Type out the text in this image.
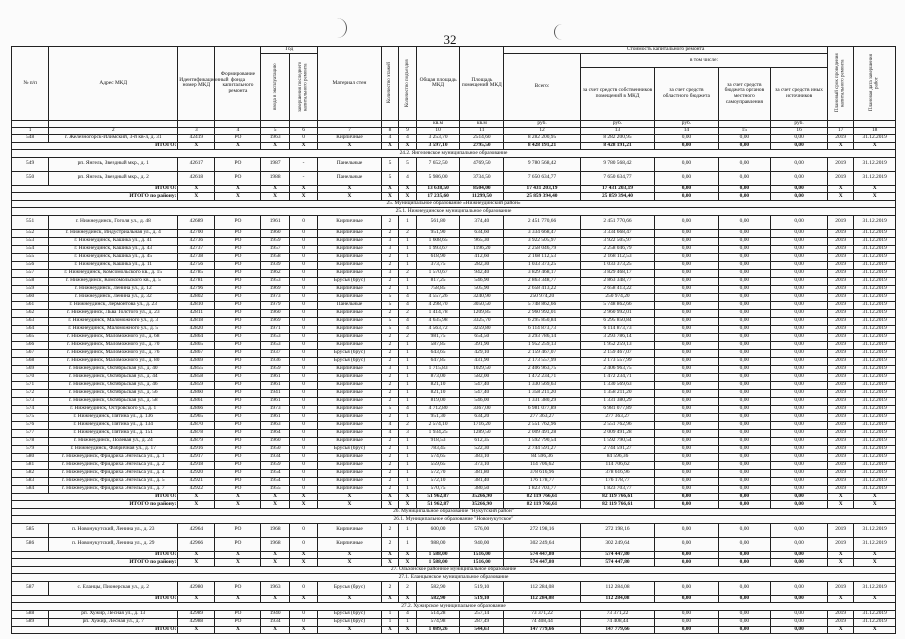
32
№ п/п	Адрес МКД	Идентификационный номер МКД	Формирование фонда капитального ремонта	Год		Материал стен	Количество этажей	Количество подъездов	Общая площадь МКД	Площадь помещений МКД	Стоимость капитального ремонта					Плановый срок проведения капитального ремонта	Плановая дата завершения работ

				ввода в эксплуатацию	завершения последнего капитального ремонта						Всего:	в том числе:					
												за счет средств собственников помещений в МКД	за счет средств областного бюджета	за счет средств бюджета органов местного самоуправления	за счет средств иных источников		
									кв.м	кв.м	руб.	руб.	руб.		руб.		
1	2	3	4	5	6	7	8	9	10	11	12	13	14	15	16	17	18
548	г. Железногорск-Илимский, 3-й кв-л, д. 31	42419	РО	1963	0	Кирпичные	4	4	3 253,70	2514,60	8 282 200,95	8 282 200,95	0,00	0,00	0,00	2019	31.12.2019
ИТОГО:		X	X	X	X	X	X	X	3 597,10	2795,50	8 428 191,21	8 428 191,21	0,00	0,00	0,00	X	X
24.2. Янгелевское муниципальное образование																	
549	рп. Янгель, Звездный мкр., д. 1	42617	РО	1987	-	Панельные	5	5	7 652,50	4769,50	9 780 568,42	9 780 568,42	0,00	0,00	0,00	2019	31.12.2019
550	рп. Янгель, Звездный мкр., д. 2	42618	РО	1988	-	Панельные	5	4	5 986,00	3734,50	7 650 634,77	7 650 634,77	0,00	0,00	0,00	2019	31.12.2019
ИТОГО:		X	X	X	X	X	X	X	13 638,50	8504,00	17 431 203,19	17 431 203,19	0,00	0,00	0,00	X	X
ИТОГО по району:		X	X	X	X	X	X	X	17 235,60	11299,50	25 859 394,40	25 859 394,40	0,00	0,00	0,00	X	X
25. Муниципальное образование «Нижнеудинский район»																	
25.1. Нижнеудинское муниципальное образование																	
551	г. Нижнеудинск, Гоголя ул., д. 48	42689	РО	1961	0	Кирпичные	2	1	561,80	374,40	2 451 770,66	2 451 770,66	0,00	0,00	0,00	2019	31.12.2019
552	г. Нижнеудинск, Индустриальная ул., д. 4	42700	РО	1960	0	Кирпичные	2	2	951,90	634,60	3 334 668,47	3 334 668,47	0,00	0,00	0,00	2019	31.12.2019
553	г. Нижнеудинск, Кашика ул., д. 41	42736	РО	1959	0	Кирпичные	3	1	1 608,65	965,30	3 922 505,97	3 922 505,97	0,00	0,00	0,00	2019	31.12.2019
554	г. Нижнеудинск, Кашика ул., д. 43	42737	РО	1957	0	Кирпичные	3	1	1 993,67	1196,20	2 258 046,79	2 258 046,79	0,00	0,00	0,00	2019	31.12.2019
555	г. Нижнеудинск, Кашика ул., д. 45	42738	РО	1958	0	Кирпичные	2	1	618,90	412,60	2 168 112,53	2 168 112,53	0,00	0,00	0,00	2019	31.12.2019
556	г. Нижнеудинск, Кашика ул., д. 11	42756	РО	1939	0	Кирпичные	2	1	373,75	282,30	1 033 373,25	1 033 373,25	0,00	0,00	0,00	2019	31.12.2019
557	г. Нижнеудинск, Комсомольского кв., д. 15	42785	РО	1962	0	Кирпичные	3	2	1 570,67	942,40	3 829 468,17	3 829 468,17	0,00	0,00	0,00	2019	31.12.2019
558	г. Нижнеудинск, Комсомольского кв., д. 5	42781	РО	1953	0	Брусья (брус)	2	1	817,25	546,90	2 863 348,77	2 863 348,77	0,00	0,00	0,00	2019	31.12.2019
559	г. Нижнеудинск, Ленина ул., д. 12	42796	РО	1969	0	Кирпичные	2	1	758,85	505,90	2 658 413,22	2 658 413,22	0,00	0,00	0,00	2019	31.12.2019
560	г. Нижнеудинск, Ленина ул., д. 32	42802	РО	1973	0	Кирпичные	5	4	4 557,26	3240,90	250 974,20	250 974,20	0,00	0,00	0,00	2019	31.12.2019
561	г. Нижнеудинск, Лермонтова ул., д. 23	42810	РО	1979	0	Панельные	5	4	4 298,70	3050,50	5 748 862,66	5 748 862,66	0,00	0,00	0,00	2019	31.12.2019
562	г. Нижнеудинск, Льва Толстого ул., д. 23	42811	РО	1960	0	Кирпичные	2	2	1 414,78	1209,85	2 960 992,01	2 960 992,01	0,00	0,00	0,00	2019	31.12.2019
563	г. Нижнеудинск, Маломожного ул., д. 3	42818	РО	1969	0	Кирпичные	5	4	4 635,98	3325,70	6 295 850,84	6 295 850,84	0,00	0,00	0,00	2019	31.12.2019
564	г. Нижнеудинск, Маломожного ул., д. 5	42820	РО	1971	0	Кирпичные	5	4	4 563,72	3259,80	6 114 873,73	6 114 873,73	0,00	0,00	0,00	2019	31.12.2019
565	г. Нижнеудинск, Маломожного ул., д. 68	42864	РО	1953	0	Кирпичные	2	2	981,75	654,50	3 293 786,14	3 293 786,14	0,00	0,00	0,00	2019	31.12.2019
566	г. Нижнеудинск, Маломожного ул., д. 70	42865	РО	1953	0	Кирпичные	2	1	587,85	391,90	1 952 259,13	1 952 259,13	0,00	0,00	0,00	2019	31.12.2019
567	г. Нижнеудинск, Маломожного ул., д. 76	42867	РО	1937	0	Брусья (брус)	2	1	643,65	429,10	2 159 467,07	2 159 467,07	0,00	0,00	0,00	2019	31.12.2019
568	г. Нижнеудинск, Маломожного ул., д. 80	42869	РО	1936	0	Брусья (брус)	2	1	647,85	431,90	2 173 557,99	2 173 557,99	0,00	0,00	0,00	2019	31.12.2019
569	г. Нижнеудинск, Октябрьская ул., д. 40	42855	РО	1959	0	Кирпичные	3	1	1 715,83	1029,50	2 406 963,75	2 406 963,75	0,00	0,00	0,00	2019	31.12.2019
570	г. Нижнеудинск, Октябрьская ул., д. 44	42858	РО	1961	0	Кирпичные	2	1	873,00	582,00	1 472 234,71	1 472 234,71	0,00	0,00	0,00	2019	31.12.2019
571	г. Нижнеудинск, Октябрьская ул., д. 46	42859	РО	1961	0	Кирпичные	2	1	821,10	547,40	1 330 569,63	1 330 569,63	0,00	0,00	0,00	2019	31.12.2019
572	г. Нижнеудинск, Октябрьская ул., д. 56	42860	РО	1941	0	Кирпичные	2	1	821,10	547,40	1 358 211,20	1 358 211,20	0,00	0,00	0,00	2019	31.12.2019
573	г. Нижнеудинск, Октябрьская ул., д. 58	42861	РО	1961	0	Кирпичные	2	1	819,00	546,00	1 331 380,29	1 331 380,29	0,00	0,00	0,00	2019	31.12.2019
574	г. Нижнеудинск, Островского ул., д. 1	42866	РО	1973	0	Кирпичные	5	4	4 712,80	3367,00	6 981 077,89	6 981 077,89	0,00	0,00	0,00	2019	31.12.2019
575	г. Нижнеудинск, Пятина ул., д. 136	42965	РО	1961	0	Кирпичные	2	1	951,30	634,20	277 363,27	277 363,27	0,00	0,00	0,00	2019	31.12.2019
576	г. Нижнеудинск, Пятина ул., д. 134	42870	РО	1963	0	Кирпичные	4	2	2 574,10	1716,20	2 551 762,96	2 551 762,96	0,00	0,00	0,00	2019	31.12.2019
577	г. Нижнеудинск, Пятина ул., д. 151	42878	РО	1964	0	Кирпичные	4	3	1 934,25	1289,50	2 009 491,28	2 009 491,28	0,00	0,00	0,00	2019	31.12.2019
578	г. Нижнеудинск, Полевая ул., д. 24	42879	РО	1960	0	Кирпичные	2	1	918,53	612,35	1 592 790,54	1 592 790,54	0,00	0,00	0,00	2019	31.12.2019
579	г. Нижнеудинск, Фабричная ул., д. 17	42916	РО	1950	0	Брусья (брус)	2	1	783,45	522,30	2 744 591,27	2 744 591,27	0,00	0,00	0,00	2019	31.12.2019
580	г. Нижнеудинск, Фридриха Энгельса ул., д. 1	42917	РО	1934	0	Кирпичные	2	1	574,65	383,10	84 596,36	84 596,36	0,00	0,00	0,00	2019	31.12.2019
581	г. Нижнеудинск, Фридриха Энгельса ул., д. 2	42918	РО	1959	0	Кирпичные	2	1	559,65	373,10	114 706,62	114 706,62	0,00	0,00	0,00	2019	31.12.2019
582	г. Нижнеудинск, Фридриха Энгельса ул., д. 4	42920	РО	1954	0	Кирпичные	2	1	572,70	381,80	378 616,96	378 616,96	0,00	0,00	0,00	2019	31.12.2019
583	г. Нижнеудинск, Фридриха Энгельса ул., д. 5	42921	РО	1954	0	Кирпичные	2	1	572,10	381,40	176 178,77	176 178,77	0,00	0,00	0,00	2019	31.12.2019
584	г. Нижнеудинск, Фридриха Энгельса ул., д. 7	42922	РО	1955	0	Кирпичные	2	1	570,75	380,50	1 823 703,77	1 823 703,77	0,00	0,00	0,00	2019	31.12.2019
ИТОГО:		X	X	X	X	X	X	X	51 962,87	35266,90	82 119 766,61	82 119 766,61	0,00	0,00	0,00	X	X
ИТОГО по району:		X	X	X	X	X	X	X	51 962,87	35266,90	82 119 766,61	82 119 766,61	0,00	0,00	0,00	X	X
26. Муниципальное образование "Нукутский район"																	
26.1. Муниципальное образование "Новонукутское"																	
585	п. Новонукутский, Ленина ул., д. 23	42964	РО	1968	0	Кирпичные	2	1	600,00	576,00	272 198,16	272 198,16	0,00	0,00	0,00	2019	31.12.2019
586	п. Новонукутский, Ленина ул., д. 29	42966	РО	1968	0	Кирпичные	2	1	988,00	940,00	302 249,64	302 249,64	0,00	0,00	0,00	2019	31.12.2019
ИТОГО:		X	X	X	X	X	X	X	1 588,00	1516,00	574 447,80	574 447,80	0,00	0,00	0,00	X	X
ИТОГО по району:		X	X	X	X	X	X	X	1 588,00	1516,00	574 447,80	574 447,80	0,00	0,00	0,00	X	X
27. Ольхонское районное муниципальное образование																	
27.1. Еланцынское муниципальное образование																	
587	с. Еланцы, Пионерская ул., д. 2	42980	РО	1963	0	Брусья (брус)	2	2	582,90	519,10	112 284,08	112 284,08	0,00	0,00	0,00	2019	31.12.2019
ИТОГО:		X	X	X	X	X	X	X	582,90	519,10	112 284,08	112 284,08	0,00	0,00	0,00	X	X
27.2. Хужирское муниципальное образование																	
588	рп. Хужир, Лесная ул., д. 13	42989	РО	1940	0	Брусья (брус)	1	4	514,28	257,14	73 371,22	73 371,22	0,00	0,00	0,00	2019	31.12.2019
589	рп. Хужир, Лесная ул., д. 7	42988	РО	1934	0	Брусья (брус)	1	1	574,98	287,49	74 408,44	74 408,44	0,00	0,00	0,00	2019	31.12.2019
ИТОГО:		X	X	X	X	X	X	X	1 089,26	544,63	147 779,66	147 779,66	0,00	0,00	0,00	X	X
